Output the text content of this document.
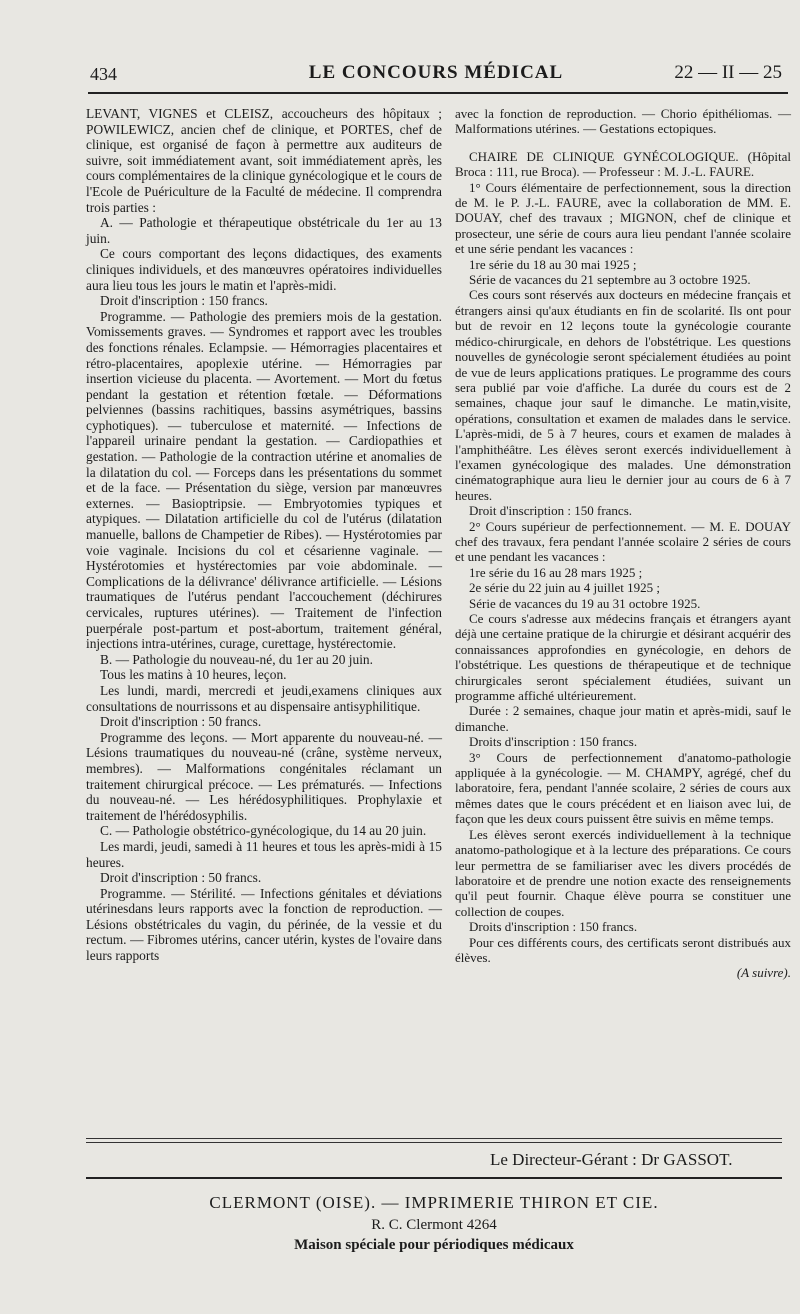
434	LE CONCOURS MÉDICAL	22 — II — 25

LEVANT, VIGNES et CLEISZ, accoucheurs des hôpitaux ; POWILEWICZ, ancien chef de clinique, et PORTES, chef de clinique, est organisé de façon à permettre aux auditeurs de suivre, soit immédiatement avant, soit immédiatement après, les cours complémentaires de la clinique gynécologique et le cours de l'Ecole de Puériculture de la Faculté de médecine. Il comprendra trois parties :

A. — Pathologie et thérapeutique obstétricale du 1er au 13 juin.

Ce cours comportant des leçons didactiques, des examents cliniques individuels, et des manœuvres opératoires individuelles aura lieu tous les jours le matin et l'après-midi.

Droit d'inscription : 150 francs.

Programme. — Pathologie des premiers mois de la gestation. Vomissements graves. — Syndromes et rapport avec les troubles des fonctions rénales. Eclampsie. — Hémorragies placentaires et rétro-placentaires, apoplexie utérine. — Hémorragies par insertion vicieuse du placenta. — Avortement. — Mort du fœtus pendant la gestation et rétention fœtale. — Déformations pelviennes (bassins rachitiques, bassins asymétriques, bassins cyphotiques). — tuberculose et maternité. — Infections de l'appareil urinaire pendant la gestation. — Cardiopathies et gestation. — Pathologie de la contraction utérine et anomalies de la dilatation du col. — Forceps dans les présentations du sommet et de la face. — Présentation du siège, version par manœuvres externes. — Basioptripsie. — Embryotomies typiques et atypiques. — Dilatation artificielle du col de l'utérus (dilatation manuelle, ballons de Champetier de Ribes). — Hystérotomies par voie vaginale. Incisions du col et césarienne vaginale. — Hystérotomies et hystérectomies par voie abdominale. — Complications de la délivrance' délivrance artificielle. — Lésions traumatiques de l'utérus pendant l'accouchement (déchirures cervicales, ruptures utérines). — Traitement de l'infection puerpérale post-partum et post-abortum, traitement général, injections intra-utérines, curage, curettage, hystérectomie.

B. — Pathologie du nouveau-né, du 1er au 20 juin.

Tous les matins à 10 heures, leçon.

Les lundi, mardi, mercredi et jeudi,examens cliniques aux consultations de nourrissons et au dispensaire antisyphilitique.

Droit d'inscription : 50 francs.

Programme des leçons. — Mort apparente du nouveau-né. — Lésions traumatiques du nouveau-né (crâne, système nerveux, membres). — Malformations congénitales réclamant un traitement chirurgical précoce. — Les prématurés. — Infections du nouveau-né. — Les hérédosyphilitiques. Prophylaxie et traitement de l'hérédosyphilis.

C. — Pathologie obstétrico-gynécologique, du 14 au 20 juin.

Les mardi, jeudi, samedi à 11 heures et tous les après-midi à 15 heures.

Droit d'inscription : 50 francs.

Programme. — Stérilité. — Infections génitales et déviations utérinesdans leurs rapports avec la fonction de reproduction. — Lésions obstétricales du vagin, du périnée, de la vessie et du rectum. — Fibromes utérins, cancer utérin, kystes de l'ovaire dans leurs rapports

avec la fonction de reproduction. — Chorio épithéliomas. — Malformations utérines. — Gestations ectopiques.

CHAIRE DE CLINIQUE GYNÉCOLOGIQUE. (Hôpital Broca : 111, rue Broca). — Professeur : M. J.-L. FAURE.

1° Cours élémentaire de perfectionnement, sous la direction de M. le P. J.-L. FAURE, avec la collaboration de MM. E. DOUAY, chef des travaux ; MIGNON, chef de clinique et prosecteur, une série de cours aura lieu pendant l'année scolaire et une série pendant les vacances :

1re série du 18 au 30 mai 1925 ;

Série de vacances du 21 septembre au 3 octobre 1925.

Ces cours sont réservés aux docteurs en médecine français et étrangers ainsi qu'aux étudiants en fin de scolarité. Ils ont pour but de revoir en 12 leçons toute la gynécologie courante médico-chirurgicale, en dehors de l'obstétrique. Les questions nouvelles de gynécologie seront spécialement étudiées au point de vue de leurs applications pratiques. Le programme des cours sera publié par voie d'affiche. La durée du cours est de 2 semaines, chaque jour sauf le dimanche. Le matin,visite, opérations, consultation et examen de malades dans le service. L'après-midi, de 5 à 7 heures, cours et examen de malades à l'amphithéâtre. Les élèves seront exercés individuellement à l'examen gynécologique des malades. Une démonstration cinématographique aura lieu le dernier jour au cours de 6 à 7 heures.

Droit d'inscription : 150 francs.

2° Cours supérieur de perfectionnement. — M. E. DOUAY chef des travaux, fera pendant l'année scolaire 2 séries de cours et une pendant les vacances :

1re série du 16 au 28 mars 1925 ;

2e série du 22 juin au 4 juillet 1925 ;

Série de vacances du 19 au 31 octobre 1925.

Ce cours s'adresse aux médecins français et étrangers ayant déjà une certaine pratique de la chirurgie et désirant acquérir des connaissances approfondies en gynécologie, en dehors de l'obstétrique. Les questions de thérapeutique et de technique chirurgicales seront spécialement étudiées, suivant un programme affiché ultérieurement.

Durée : 2 semaines, chaque jour matin et après-midi, sauf le dimanche.

Droits d'inscription : 150 francs.

3° Cours de perfectionnement d'anatomo-pathologie appliquée à la gynécologie. — M. CHAMPY, agrégé, chef du laboratoire, fera, pendant l'année scolaire, 2 séries de cours aux mêmes dates que le cours précédent et en liaison avec lui, de façon que les deux cours puissent être suivis en même temps.

Les élèves seront exercés individuellement à la technique anatomo-pathologique et à la lecture des préparations. Ce cours leur permettra de se familiariser avec les divers procédés de laboratoire et de prendre une notion exacte des renseignements qu'il peut fournir. Chaque élève pourra se constituer une collection de coupes.

Droits d'inscription : 150 francs.

Pour ces différents cours, des certificats seront distribués aux élèves.

(A suivre).

Le Directeur-Gérant : Dr GASSOT.
CLERMONT (OISE). — IMPRIMERIE THIRON ET CIE.
R. C. Clermont 4264
Maison spéciale pour périodiques médicaux
